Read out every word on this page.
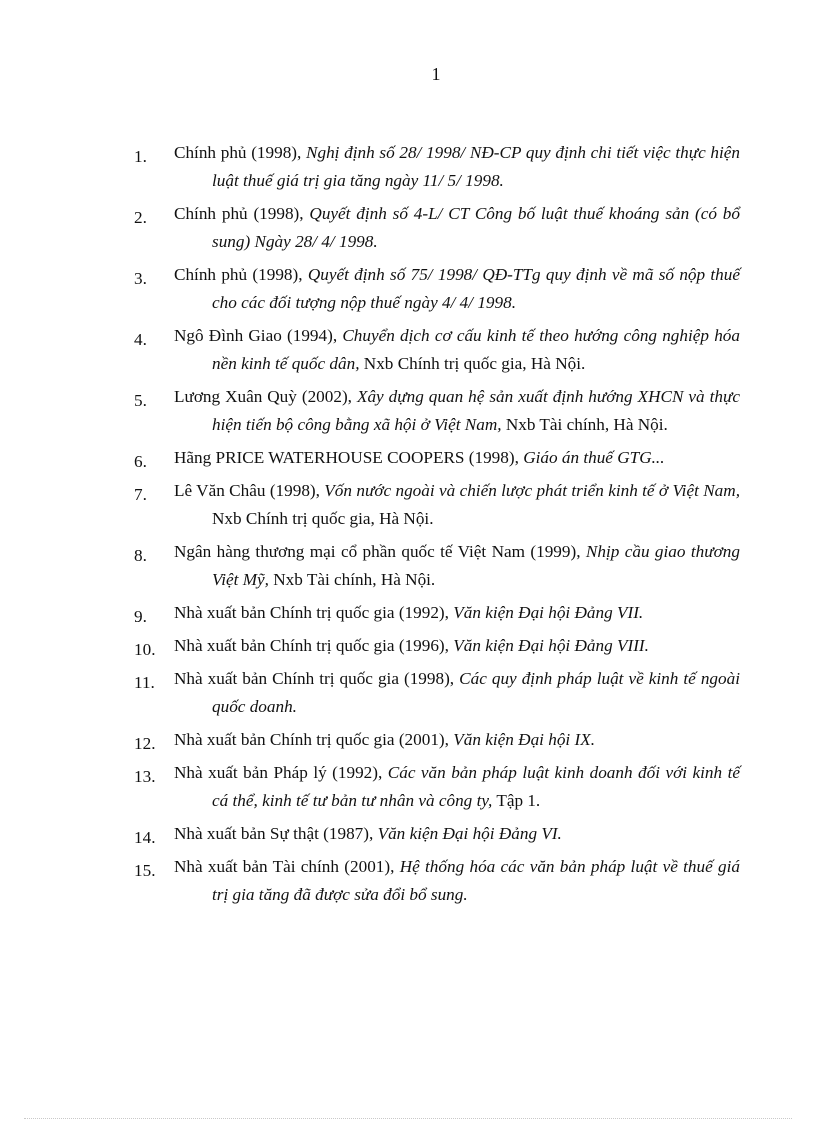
1
1.	Chính phủ (1998), Nghị định số 28/ 1998/ NĐ-CP quy định chi tiết việc thực hiện luật thuế giá trị gia tăng ngày 11/ 5/ 1998.
2.	Chính phủ (1998), Quyết định số 4-L/ CT Công bố luật thuế khoáng sản (có bổ sung) Ngày 28/ 4/ 1998.
3.	Chính phủ (1998), Quyết định số 75/ 1998/ QĐ-TTg quy định về mã số nộp thuế cho các đối tượng nộp thuế ngày 4/ 4/ 1998.
4.	Ngô Đình Giao (1994), Chuyển dịch cơ cấu kinh tế theo hướng công nghiệp hóa nền kinh tế quốc dân, Nxb Chính trị quốc gia, Hà Nội.
5.	Lương Xuân Quỳ (2002), Xây dựng quan hệ sản xuất định hướng XHCN và thực hiện tiến bộ công bằng xã hội ở Việt Nam, Nxb Tài chính, Hà Nội.
6.	Hãng PRICE WATERHOUSE COOPERS (1998), Giáo án thuế GTG...
7.	Lê Văn Châu (1998), Vốn nước ngoài và chiến lược phát triển kinh tế ở Việt Nam, Nxb Chính trị quốc gia, Hà Nội.
8.	Ngân hàng thương mại cổ phần quốc tế Việt Nam (1999), Nhịp cầu giao thương Việt Mỹ, Nxb Tài chính, Hà Nội.
9.	Nhà xuất bản Chính trị quốc gia (1992), Văn kiện Đại hội Đảng VII.
10.	Nhà xuất bản Chính trị quốc gia (1996), Văn kiện Đại hội Đảng VIII.
11.	Nhà xuất bản Chính trị quốc gia (1998), Các quy định pháp luật về kinh tế ngoài quốc doanh.
12.	Nhà xuất bản Chính trị quốc gia (2001), Văn kiện Đại hội IX.
13.	Nhà xuất bản Pháp lý (1992), Các văn bản pháp luật kinh doanh đối với kinh tế cá thể, kinh tế tư bản tư nhân và công ty, Tập 1.
14.	Nhà xuất bản Sự thật (1987), Văn kiện Đại hội Đảng VI.
15.	Nhà xuất bản Tài chính (2001), Hệ thống hóa các văn bản pháp luật về thuế giá trị gia tăng đã được sửa đổi bổ sung.
